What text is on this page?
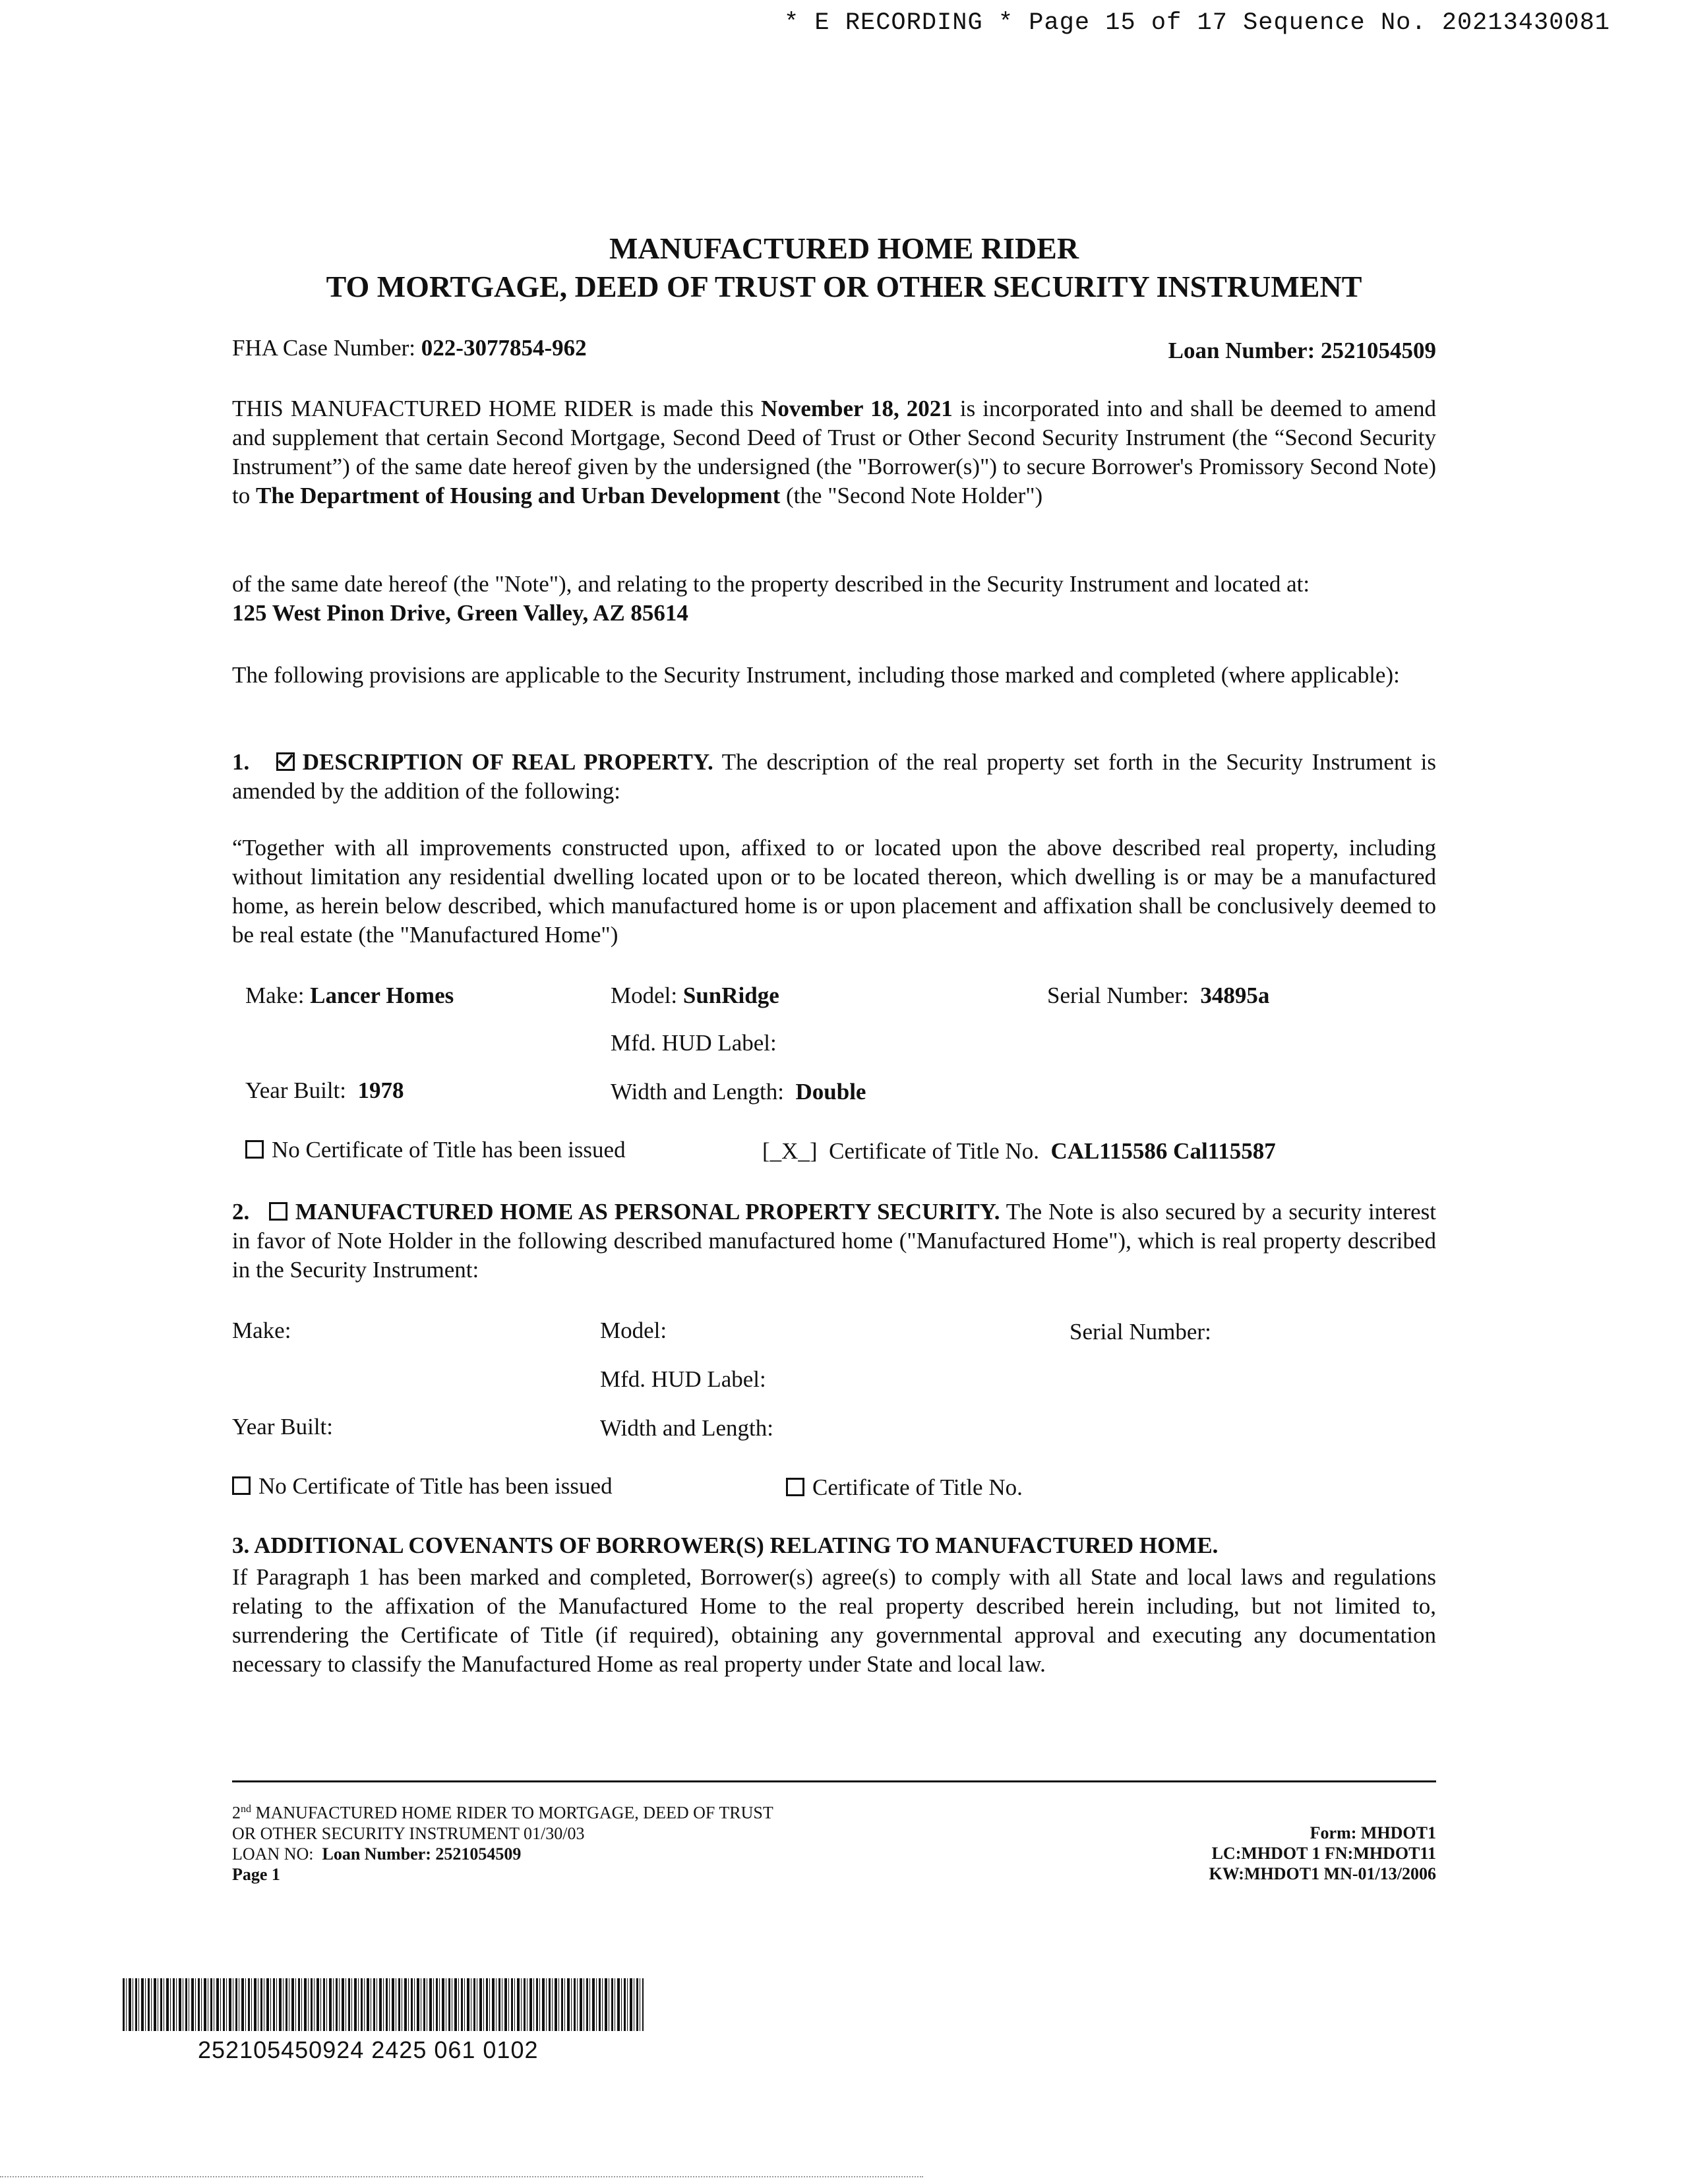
* E RECORDING * Page 15 of 17 Sequence No. 20213430081
MANUFACTURED HOME RIDER
TO MORTGAGE, DEED OF TRUST OR OTHER SECURITY INSTRUMENT
FHA Case Number: 022-3077854-962	Loan Number: 2521054509
THIS MANUFACTURED HOME RIDER is made this November 18, 2021 is incorporated into and shall be deemed to amend and supplement that certain Second Mortgage, Second Deed of Trust or Other Second Security Instrument (the “Second Security Instrument”) of the same date hereof given by the undersigned (the "Borrower(s)") to secure Borrower's Promissory Second Note) to The Department of Housing and Urban Development (the "Second Note Holder")
of the same date hereof (the "Note"), and relating to the property described in the Security Instrument and located at:
125 West Pinon Drive, Green Valley, AZ 85614
The following provisions are applicable to the Security Instrument, including those marked and completed (where applicable):
1. DESCRIPTION OF REAL PROPERTY. The description of the real property set forth in the Security Instrument is amended by the addition of the following:
“Together with all improvements constructed upon, affixed to or located upon the above described real property, including without limitation any residential dwelling located upon or to be located thereon, which dwelling is or may be a manufactured home, as herein below described, which manufactured home is or upon placement and affixation shall be conclusively deemed to be real estate (the "Manufactured Home")
Make: Lancer Homes	Model: SunRidge	Serial Number: 34895a
Mfd. HUD Label:
Year Built: 1978	Width and Length: Double
No Certificate of Title has been issued	[_X_] Certificate of Title No. CAL115586 Cal115587
2. MANUFACTURED HOME AS PERSONAL PROPERTY SECURITY. The Note is also secured by a security interest in favor of Note Holder in the following described manufactured home ("Manufactured Home"), which is real property described in the Security Instrument:
Make:	Model:	Serial Number:
Mfd. HUD Label:
Year Built:	Width and Length:
No Certificate of Title has been issued	Certificate of Title No.
3. ADDITIONAL COVENANTS OF BORROWER(S) RELATING TO MANUFACTURED HOME.
If Paragraph 1 has been marked and completed, Borrower(s) agree(s) to comply with all State and local laws and regulations relating to the affixation of the Manufactured Home to the real property described herein including, but not limited to, surrendering the Certificate of Title (if required), obtaining any governmental approval and executing any documentation necessary to classify the Manufactured Home as real property under State and local law.
2nd MANUFACTURED HOME RIDER TO MORTGAGE, DEED OF TRUST
OR OTHER SECURITY INSTRUMENT 01/30/03
LOAN NO: Loan Number: 2521054509
Page 1
Form: MHDOT1
LC:MHDOT 1 FN:MHDOT11
KW:MHDOT1 MN-01/13/2006
252105450924 2425 061 0102
